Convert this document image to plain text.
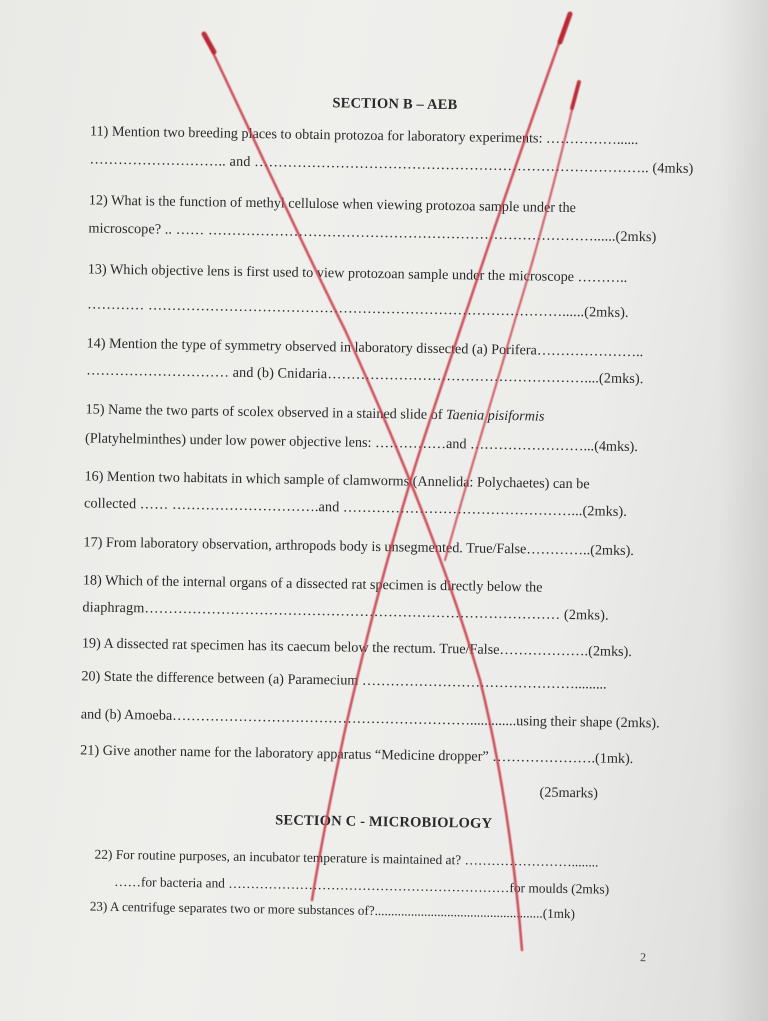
SECTION B – AEB
11) Mention two breeding places to obtain protozoa for laboratory experiments: ……………......
……………………….. and ……………………………………………………………………….. (4mks)
12) What is the function of methyl cellulose when viewing protozoa sample under the
microscope? .. …… ………………………………………………………………………......(2mks)
13) Which objective lens is first used to view protozoan sample under the microscope ………..
………… ……………………………………………………………………………......(2mks).
14) Mention the type of symmetry observed in laboratory dissected (a) Porifera…………………..
………………………… and (b) Cnidaria………………………………………………....(2mks).
15) Name the two parts of scolex observed in a stained slide of Taenia pisiformis
(Platyhelminthes) under low power objective lens: ……………and ……………………...(4mks).
16) Mention two habitats in which sample of clamworms (Annelida: Polychaetes) can be
collected …… ………………………….and …………………………………………...(2mks).
17) From laboratory observation, arthropods body is unsegmented. True/False…………..(2mks).
18) Which of the internal organs of a dissected rat specimen is directly below the
diaphragm…………………………………………………………………………… (2mks).
19) A dissected rat specimen has its caecum below the rectum. True/False……………….(2mks).
20) State the difference between (a) Paramecium ……………………………………….........
and (b) Amoeba……………………………………………………….............using their shape (2mks).
21) Give another name for the laboratory apparatus “Medicine dropper” ………………….(1mk).
(25marks)
SECTION C - MICROBIOLOGY
22) For routine purposes, an incubator temperature is maintained at? ……………………........
……for bacteria and ………………………………………………………for moulds (2mks)
23) A centrifuge separates two or more substances of?...................................................(1mk)
2
